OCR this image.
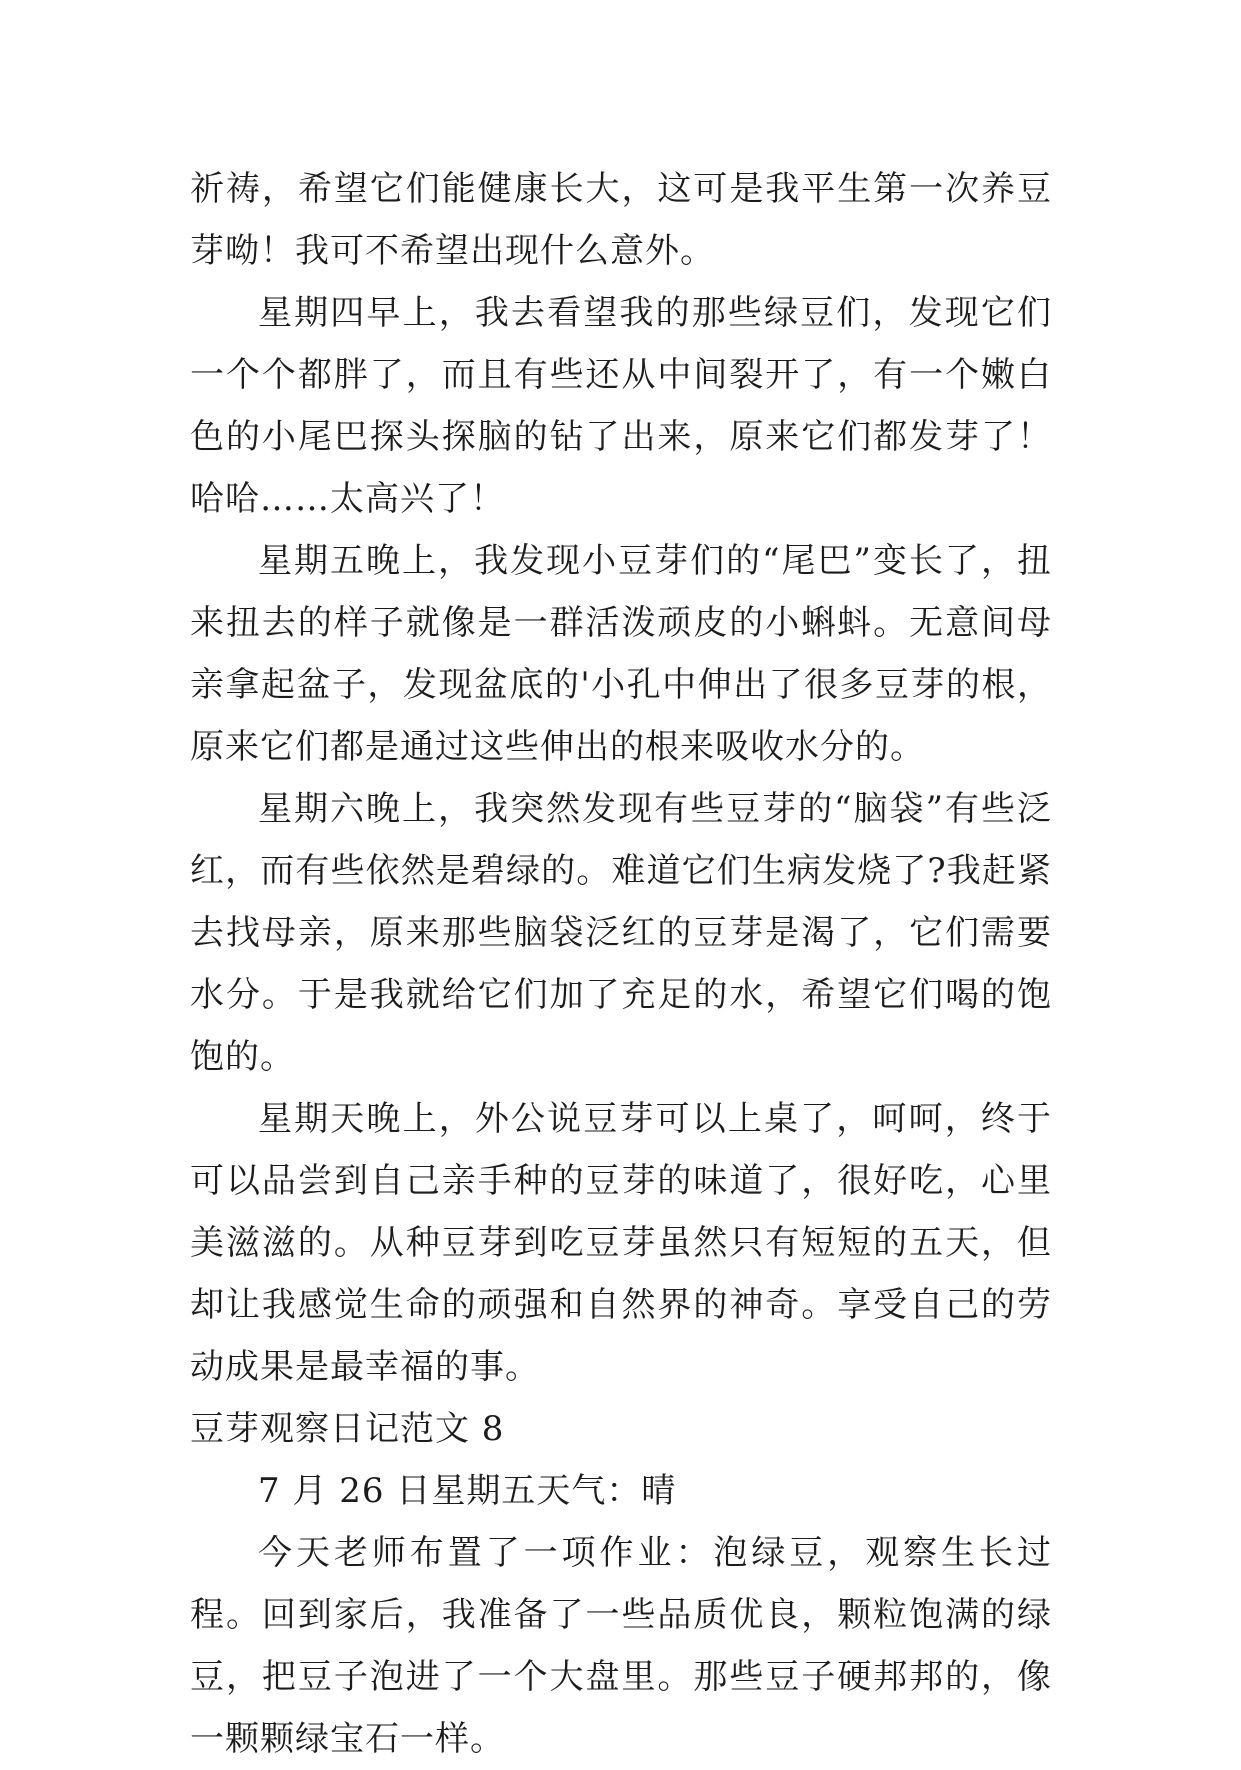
祈祷，希望它们能健康长大，这可是我平生第一次养豆芽呦！我可不希望出现什么意外。

星期四早上，我去看望我的那些绿豆们，发现它们一个个都胖了，而且有些还从中间裂开了，有一个嫩白色的小尾巴探头探脑的钻了出来，原来它们都发芽了！哈哈……太高兴了！

星期五晚上，我发现小豆芽们的“尾巴”变长了，扭来扭去的样子就像是一群活泼顽皮的小蝌蚪。无意间母亲拿起盆子，发现盆底的'小孔中伸出了很多豆芽的根，原来它们都是通过这些伸出的根来吸收水分的。

星期六晚上，我突然发现有些豆芽的“脑袋”有些泛红，而有些依然是碧绿的。难道它们生病发烧了?我赶紧去找母亲，原来那些脑袋泛红的豆芽是渴了，它们需要水分。于是我就给它们加了充足的水，希望它们喝的饱饱的。

星期天晚上，外公说豆芽可以上桌了，呵呵，终于可以品尝到自己亲手种的豆芽的味道了，很好吃，心里美滋滋的。从种豆芽到吃豆芽虽然只有短短的五天，但却让我感觉生命的顽强和自然界的神奇。享受自己的劳动成果是最幸福的事。

豆芽观察日记范文 8

7 月 26 日星期五天气：晴

今天老师布置了一项作业：泡绿豆，观察生长过程。回到家后，我准备了一些品质优良，颗粒饱满的绿豆，把豆子泡进了一个大盘里。那些豆子硬邦邦的，像一颗颗绿宝石一样。
